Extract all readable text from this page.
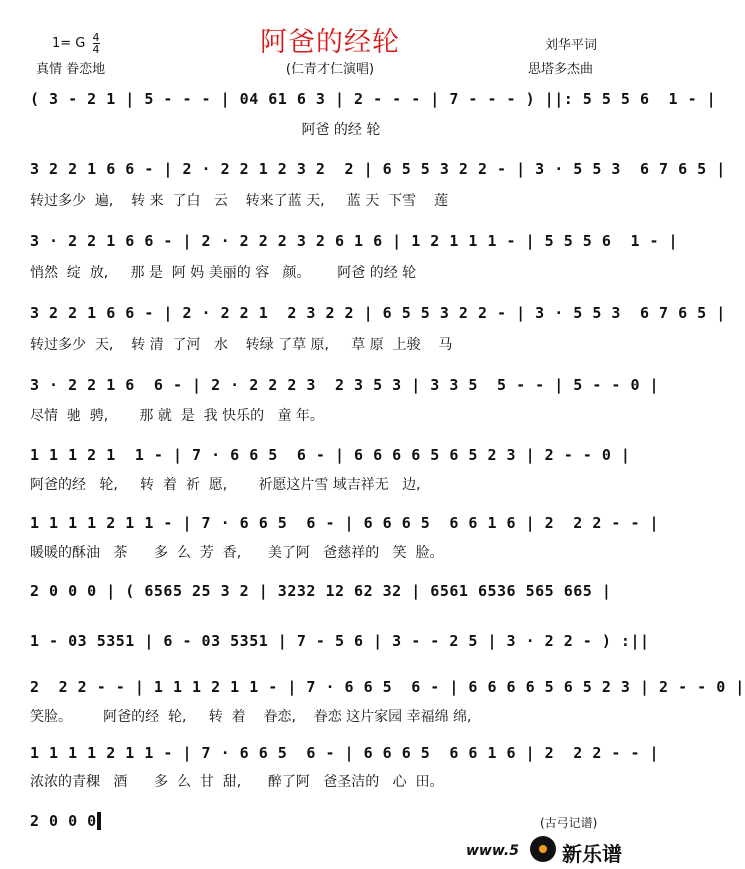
1= G $\frac{4}{4}$
真情 眷恋地
阿爸的经轮
(仁青才仁演唱)
刘华平词
思塔多杰曲
( 3 - 2 1 | 5 - - - | 04 61 6 3 | 2 - - - | 7 - - - ) ||: 5 5 5 6  1 - |
阿爸 的经 轮
3 2 2 1 6 6 - | 2 · 2 2 1 2 3 2  2 | 6 5 5 3 2 2 - | 3 · 5 5 3  6 7 6 5 |
转过多少  遍,    转 来  了白   云    转来了蓝 天,     蓝 天  下雪    莲
3 · 2 2 1 6 6 - | 2 · 2 2 2 3 2 6 1 6 | 1 2 1 1 1 - | 5 5 5 6  1 - |
悄然  绽  放,     那 是  阿 妈 美丽的 容   颜。      阿爸 的经 轮
3 2 2 1 6 6 - | 2 · 2 2 1  2 3 2 2 | 6 5 5 3 2 2 - | 3 · 5 5 3  6 7 6 5 |
转过多少  天,    转 清  了河   水    转绿 了草 原,     草 原  上骏    马
3 · 2 2 1 6  6 - | 2 · 2 2 2 3  2 3 5 3 | 3 3 5  5 - - | 5 - - 0 |
尽情  驰  骋,       那 就  是  我 快乐的   童 年。
1 1 1 2 1  1 - | 7 · 6 6 5  6 - | 6 6 6 6 5 6 5 2 3 | 2 - - 0 |
阿爸的经   轮,     转  着  祈  愿,       祈愿这片雪 域吉祥无   边,
1 1 1 1 2 1 1 - | 7 · 6 6 5  6 - | 6 6 6 5  6 6 1 6 | 2  2 2 - - |
暖暖的酥油   茶      多  么  芳  香,      美了阿   爸慈祥的   笑  脸。
2 0 0 0 | ( 6565 25 3 2 | 3232 12 62 32 | 6561 6536 565 665 |
1 - 03 5351 | 6 - 03 5351 | 7 - 5 6 | 3 - - 2 5 | 3 · 2 2 - ) :||
2  2 2 - - | 1 1 1 2 1 1 - | 7 · 6 6 5  6 - | 6 6 6 6 5 6 5 2 3 | 2 - - 0 |
笑脸。       阿爸的经  轮,     转  着    眷恋,    眷恋 这片家园 幸福绵 绵,
1 1 1 1 2 1 1 - | 7 · 6 6 5  6 - | 6 6 6 5  6 6 1 6 | 2  2 2 - - |
浓浓的青稞   酒      多  么  甘  甜,      醉了阿   爸圣洁的   心  田。
2 0 0 0	(古弓记谱)
www.5 新乐谱
